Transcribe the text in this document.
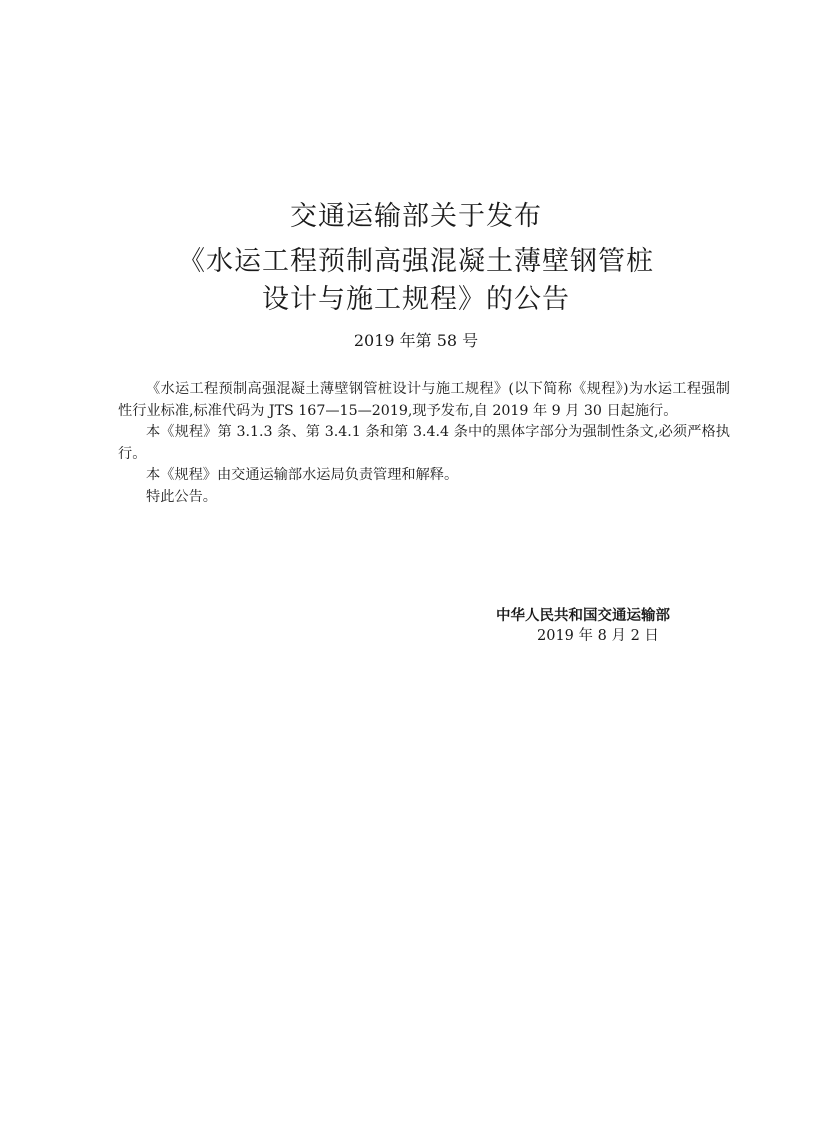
交通运输部关于发布
《水运工程预制高强混凝土薄壁钢管桩
设计与施工规程》的公告
2019 年第 58 号

《水运工程预制高强混凝土薄壁钢管桩设计与施工规程》(以下简称《规程》)为水运工程强制性行业标准,标准代码为 JTS 167—15—2019,现予发布,自 2019 年 9 月 30 日起施行。

本《规程》第 3.1.3 条、第 3.4.1 条和第 3.4.4 条中的黑体字部分为强制性条文,必须严格执行。

本《规程》由交通运输部水运局负责管理和解释。

特此公告。

中华人民共和国交通运输部
2019 年 8 月 2 日
